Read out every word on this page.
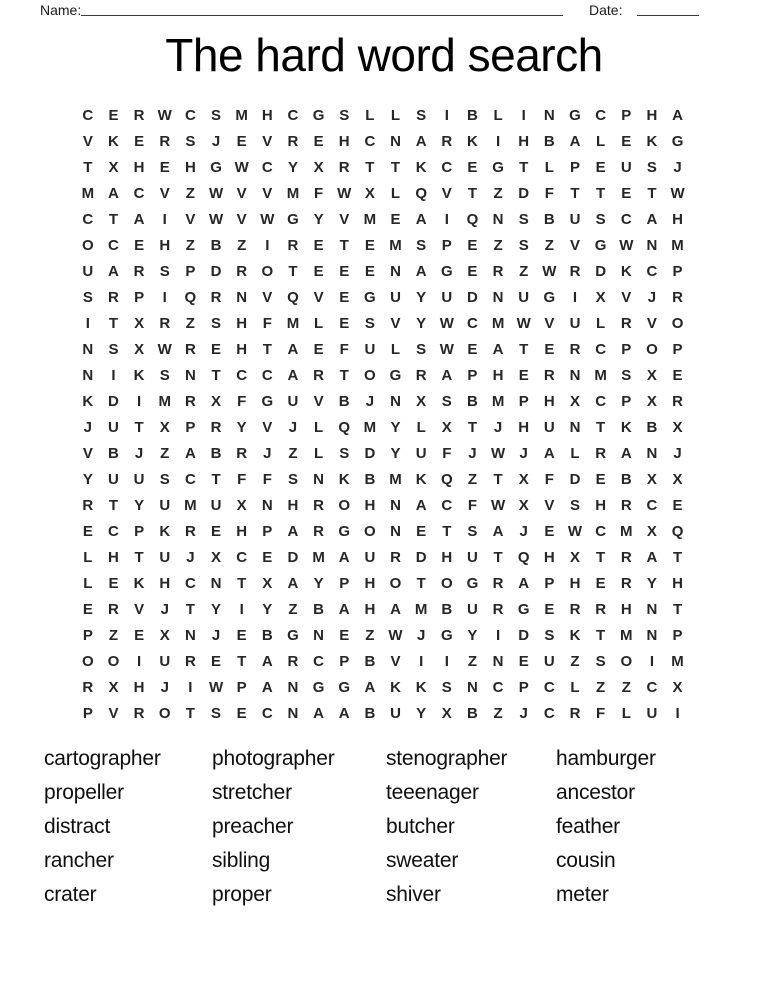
Name:	Date:
The hard word search
C	E	R W C	S M H C G S	L	L	S	I	B	L	I	N G C	P	H A
V	K	E	R	S	J	E	V	R	E	H C N A R K	I	H B A	L	E	K G
T	X	H	E	H G W C	Y	X	R	T	T	K C	E G	T	L	P	E	U	S	J
M A C	V	Z W V	V M F W X	L	Q V	T	Z	D	F	T	T	E	T W
C	T	A	I	V W V W G Y	V M E	A	I	Q N	S	B U	S	C A H
O C	E	H	Z	B	Z	I	R	E	T	E M S	P	E	Z	S	Z	V G W N M
U A R	S	P	D R O	T	E	E	E	N A G E	R	Z W R D K C	P
S	R	P	I	Q R N	V Q V	E G U	Y	U D N U G	I	X	V	J	R
I	T	X	R	Z	S	H	F M L	E	S	V	Y W C M W V	U	L	R	V O
N	S	X W R	E	H	T	A	E	F	U	L	S W E	A	T	E	R C	P O P
N	I	K	S	N	T	C C A R	T	O G R A	P	H	E	R N M S	X	E
K D	I	M R	X	F	G U	V	B	J	N	X	S	B M P	H	X	C	P	X	R
J	U	T	X	P	R	Y	V	J	L	Q M Y	L	X	T	J	H U N	T	K B	X
V	B	J	Z	A B R	J	Z	L	S	D	Y	U	F	J W J	A	L	R A N	J
Y	U U	S	C	T	F	F	S	N K B M K Q	Z	T	X	F	D	E	B	X	X
R	T	Y	U M U	X	N H R O H N A C	F W X	V	S	H R C	E
E	C	P	K R	E	H	P	A R G O N	E	T	S	A	J	E W C M X Q
L	H	T	U	J	X	C	E	D M A U R D H U	T	Q H	X	T	R A	T
L	E	K H C N	T	X	A	Y	P	H O	T	O G R A	P	H	E	R	Y	H
E	R	V	J	T	Y	I	Y	Z	B A H A M B U R G E	R R H N	T
P	Z	E	X	N	J	E	B G N	E	Z W J	G Y	I	D	S	K	T M N	P
O O	I	U R	E	T	A R C	P	B	V	I	I	Z	N	E	U	Z	S O	I	M
R	X	H	J	I	W P	A N G G A K K	S	N C	P	C	L	Z	Z	C	X
P	V	R O	T	S	E	C N A A B U	Y	X	B	Z	J	C R	F	L	U	I
cartographer
propeller
distract
rancher
crater
photographer
stretcher
preacher
sibling
proper
stenographer
teeenager
butcher
sweater
shiver
hamburger
ancestor
feather
cousin
meter
